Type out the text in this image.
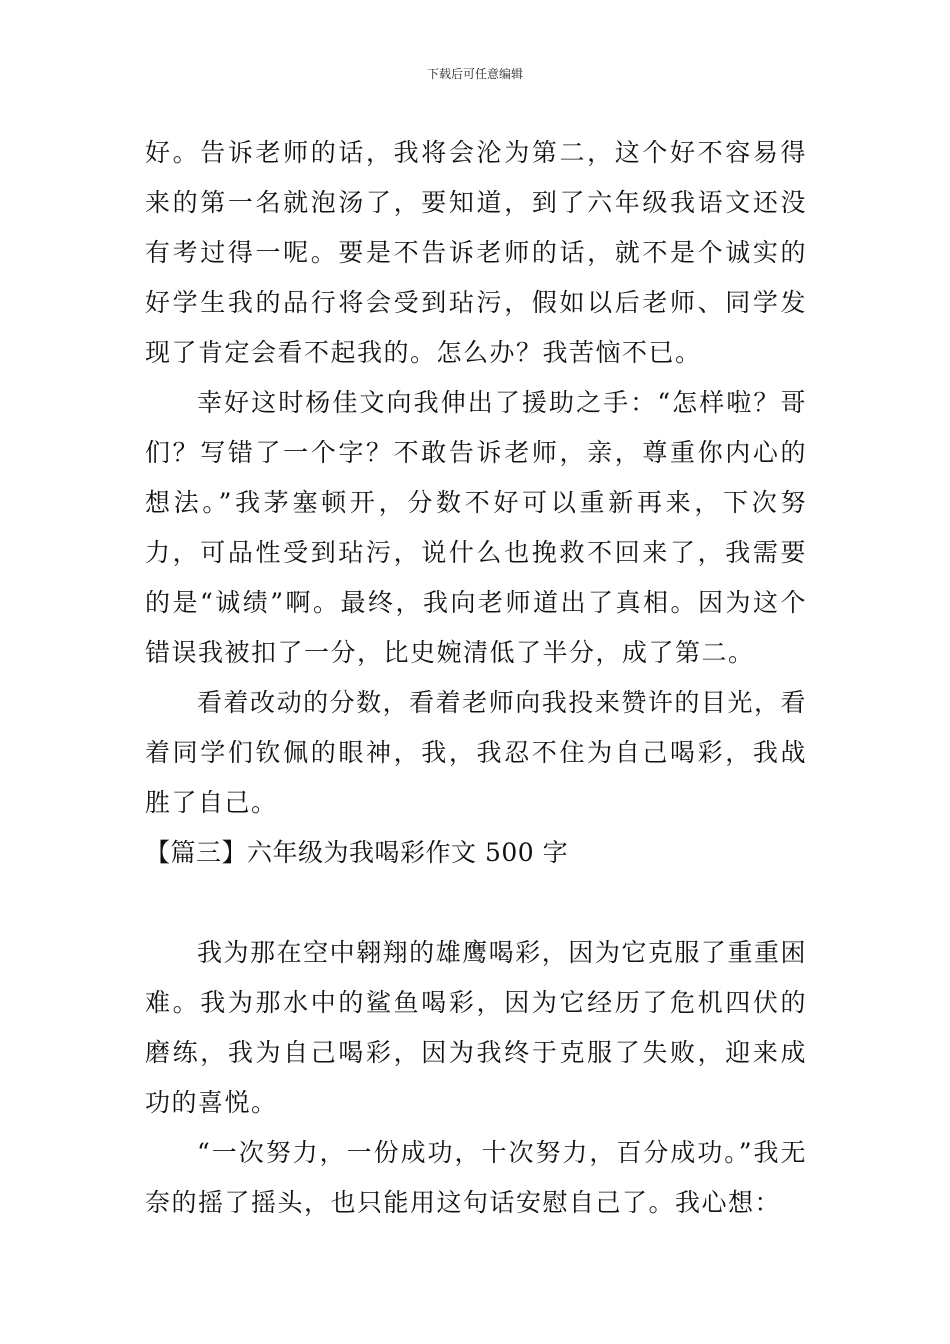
下载后可任意编辑

好。告诉老师的话，我将会沦为第二，这个好不容易得来的第一名就泡汤了，要知道，到了六年级我语文还没有考过得一呢。要是不告诉老师的话，就不是个诚实的好学生我的品行将会受到玷污，假如以后老师、同学发现了肯定会看不起我的。怎么办？我苦恼不已。

幸好这时杨佳文向我伸出了援助之手：“怎样啦？哥们？写错了一个字？不敢告诉老师，亲，尊重你内心的想法。”我茅塞顿开，分数不好可以重新再来，下次努力，可品性受到玷污，说什么也挽救不回来了，我需要的是“诚绩”啊。最终，我向老师道出了真相。因为这个错误我被扣了一分，比史婉清低了半分，成了第二。

看着改动的分数，看着老师向我投来赞许的目光，看着同学们钦佩的眼神，我，我忍不住为自己喝彩，我战胜了自己。

【篇三】六年级为我喝彩作文 500 字

我为那在空中翱翔的雄鹰喝彩，因为它克服了重重困难。我为那水中的鲨鱼喝彩，因为它经历了危机四伏的磨练，我为自己喝彩，因为我终于克服了失败，迎来成功的喜悦。

“一次努力，一份成功，十次努力，百分成功。”我无奈的摇了摇头，也只能用这句话安慰自己了。我心想：
